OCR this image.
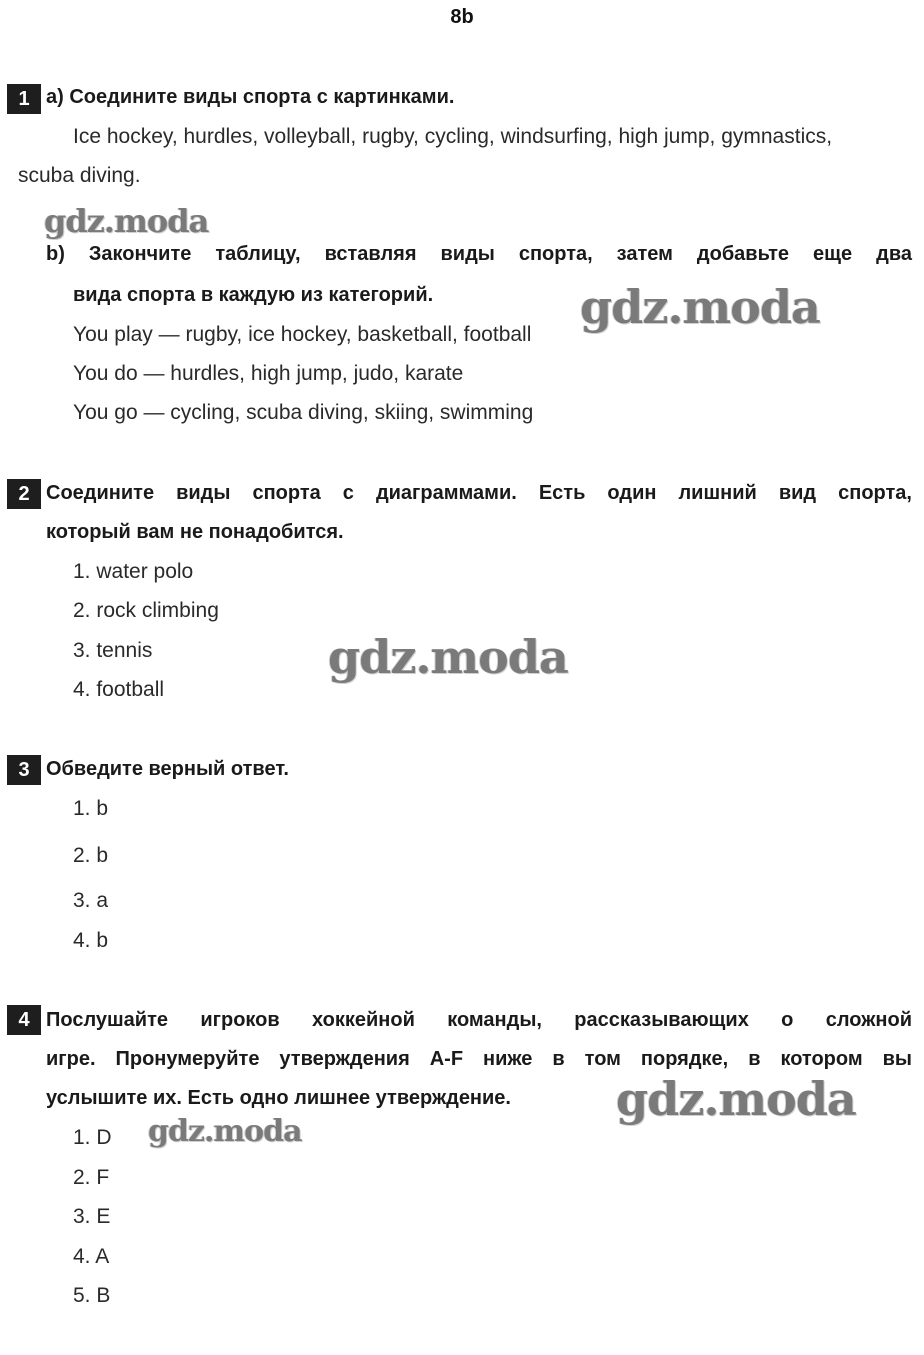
8b
1 a) Соедините виды спорта с картинками.
Ice hockey, hurdles, volleyball, rugby, cycling, windsurfing, high jump, gymnastics,
scuba diving.
b) Закончите таблицу, вставляя виды спорта, затем добавьте еще два
вида спорта в каждую из категорий.
You play — rugby, ice hockey, basketball, football
You do — hurdles, high jump, judo, karate
You go — cycling, scuba diving, skiing, swimming
2 Соедините виды спорта с диаграммами. Есть один лишний вид спорта,
который вам не понадобится.
1. water polo
2. rock climbing
3. tennis
4. football
3 Обведите верный ответ.
1. b
2. b
3. a
4. b
4 Послушайте игроков хоккейной команды, рассказывающих о сложной
игре. Пронумеруйте утверждения A-F ниже в том порядке, в котором вы
услышите их. Есть одно лишнее утверждение.
1. D
2. F
3. E
4. A
5. B
gdz.moda
gdz.moda
gdz.moda
gdz.moda
gdz.moda
